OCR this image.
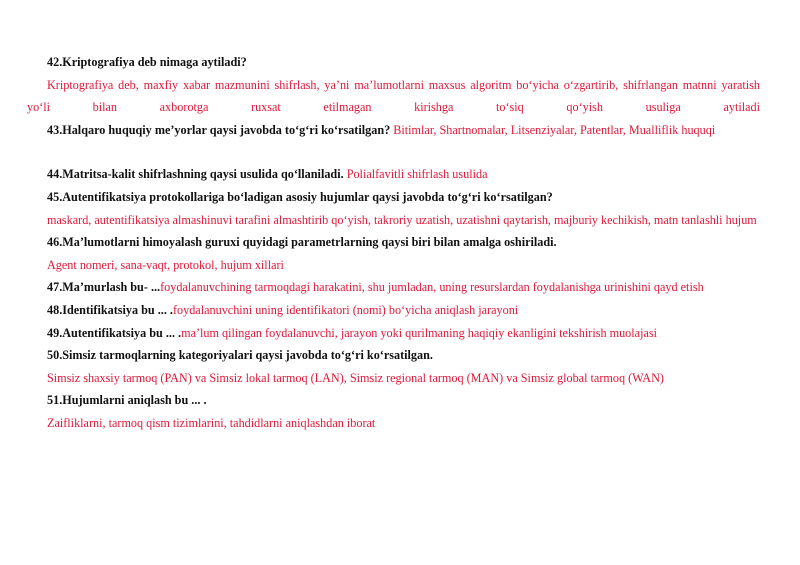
42.Kriptografiya deb nimaga aytiladi?

Kriptografiya deb, maxfiy xabar mazmunini shifrlash, ya’ni ma’lumotlarni maxsus algoritm bo‘yicha o‘zgartirib, shifrlangan matnni yaratish yo‘li bilan axborotga ruxsat etilmagan kirishga to‘siq qo‘yish usuliga aytiladi

43.Halqaro huquqiy me’yorlar qaysi javobda to‘g‘ri ko‘rsatilgan? Bitimlar, Shartnomalar, Litsenziyalar, Patentlar, Mualliflik huquqi

44.Matritsa-kalit shifrlashning qaysi usulida qo‘llaniladi. Polialfavitli shifrlash usulida

45.Autentifikatsiya protokollariga bo‘ladigan asosiy hujumlar qaysi javobda to‘g‘ri ko‘rsatilgan?

maskard, autentifikatsiya almashinuvi tarafini almashtirib qo‘yish, takroriy uzatish, uzatishni qaytarish, majburiy kechikish, matn tanlashli hujum

46.Ma’lumotlarni himoyalash guruxi quyidagi parametrlarning qaysi biri bilan amalga oshiriladi.

Agent nomeri, sana-vaqt, protokol, hujum xillari

47.Ma’murlash bu- ...foydalanuvchining tarmoqdagi harakatini, shu jumladan, uning resurslardan foydalanishga urinishini qayd etish

48.Identifikatsiya bu ... .foydalanuvchini uning identifikatori (nomi) bo‘yicha aniqlash jarayoni

49.Autentifikatsiya bu ... .ma’lum qilingan foydalanuvchi, jarayon yoki qurilmaning haqiqiy ekanligini tekshirish muolajasi

50.Simsiz tarmoqlarning kategoriyalari qaysi javobda to‘g‘ri ko‘rsatilgan.

Simsiz shaxsiy tarmoq (PAN) va Simsiz lokal tarmoq (LAN), Simsiz regional tarmoq (MAN) va Simsiz global tarmoq (WAN)

51.Hujumlarni aniqlash bu ... .

Zaifliklarni, tarmoq qism tizimlarini, tahdidlarni aniqlashdan iborat
